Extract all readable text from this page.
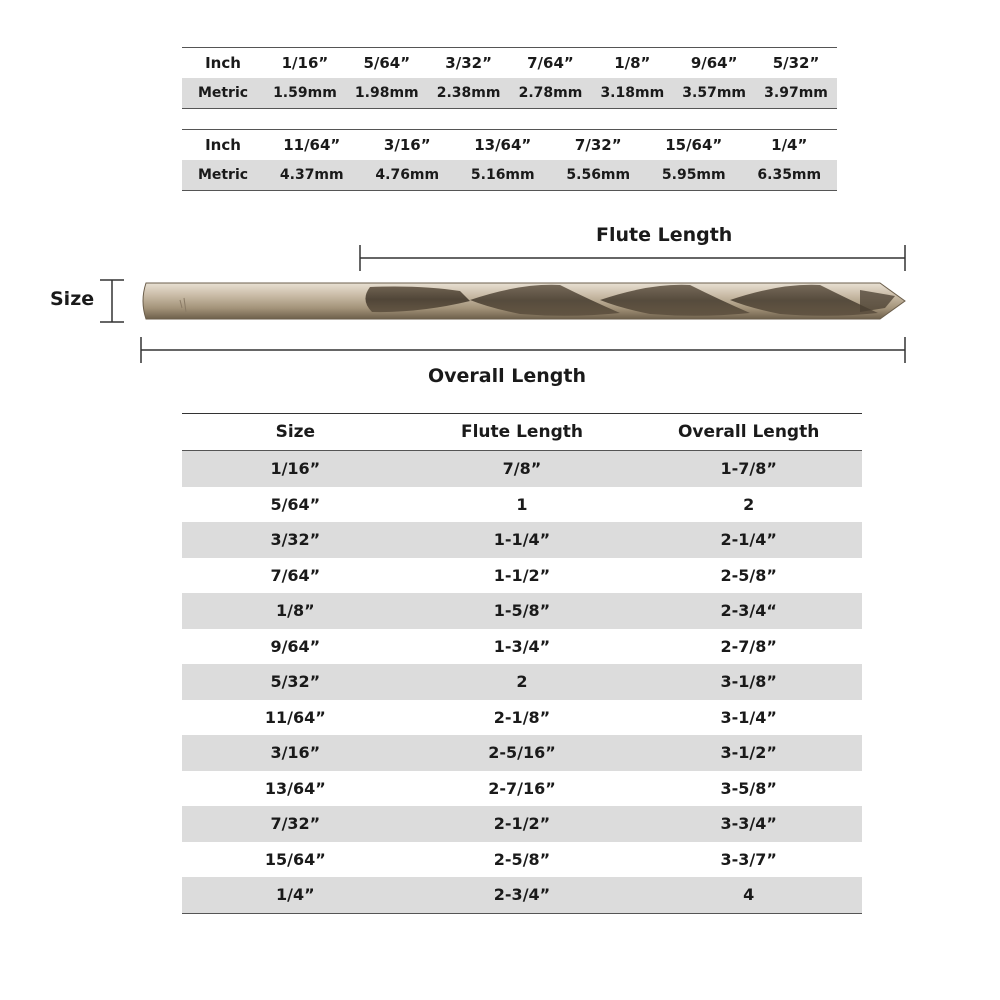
Inch	1/16”	5/64”	3/32”	7/64”	1/8”	9/64”	5/32”
Metric	1.59mm	1.98mm	2.38mm	2.78mm	3.18mm	3.57mm	3.97mm
Inch	11/64”	3/16”	13/64”	7/32”	15/64”	1/4”
Metric	4.37mm	4.76mm	5.16mm	5.56mm	5.95mm	6.35mm
Flute Length
Size
Overall Length
Size	Flute Length	Overall Length
1/16”	7/8”	1-7/8”
5/64”	1	2
3/32”	1-1/4”	2-1/4”
7/64”	1-1/2”	2-5/8”
1/8”	1-5/8”	2-3/4“
9/64”	1-3/4”	2-7/8”
5/32”	2	3-1/8”
11/64”	2-1/8”	3-1/4”
3/16”	2-5/16”	3-1/2”
13/64”	2-7/16”	3-5/8”
7/32”	2-1/2”	3-3/4”
15/64”	2-5/8”	3-3/7”
1/4”	2-3/4”	4
